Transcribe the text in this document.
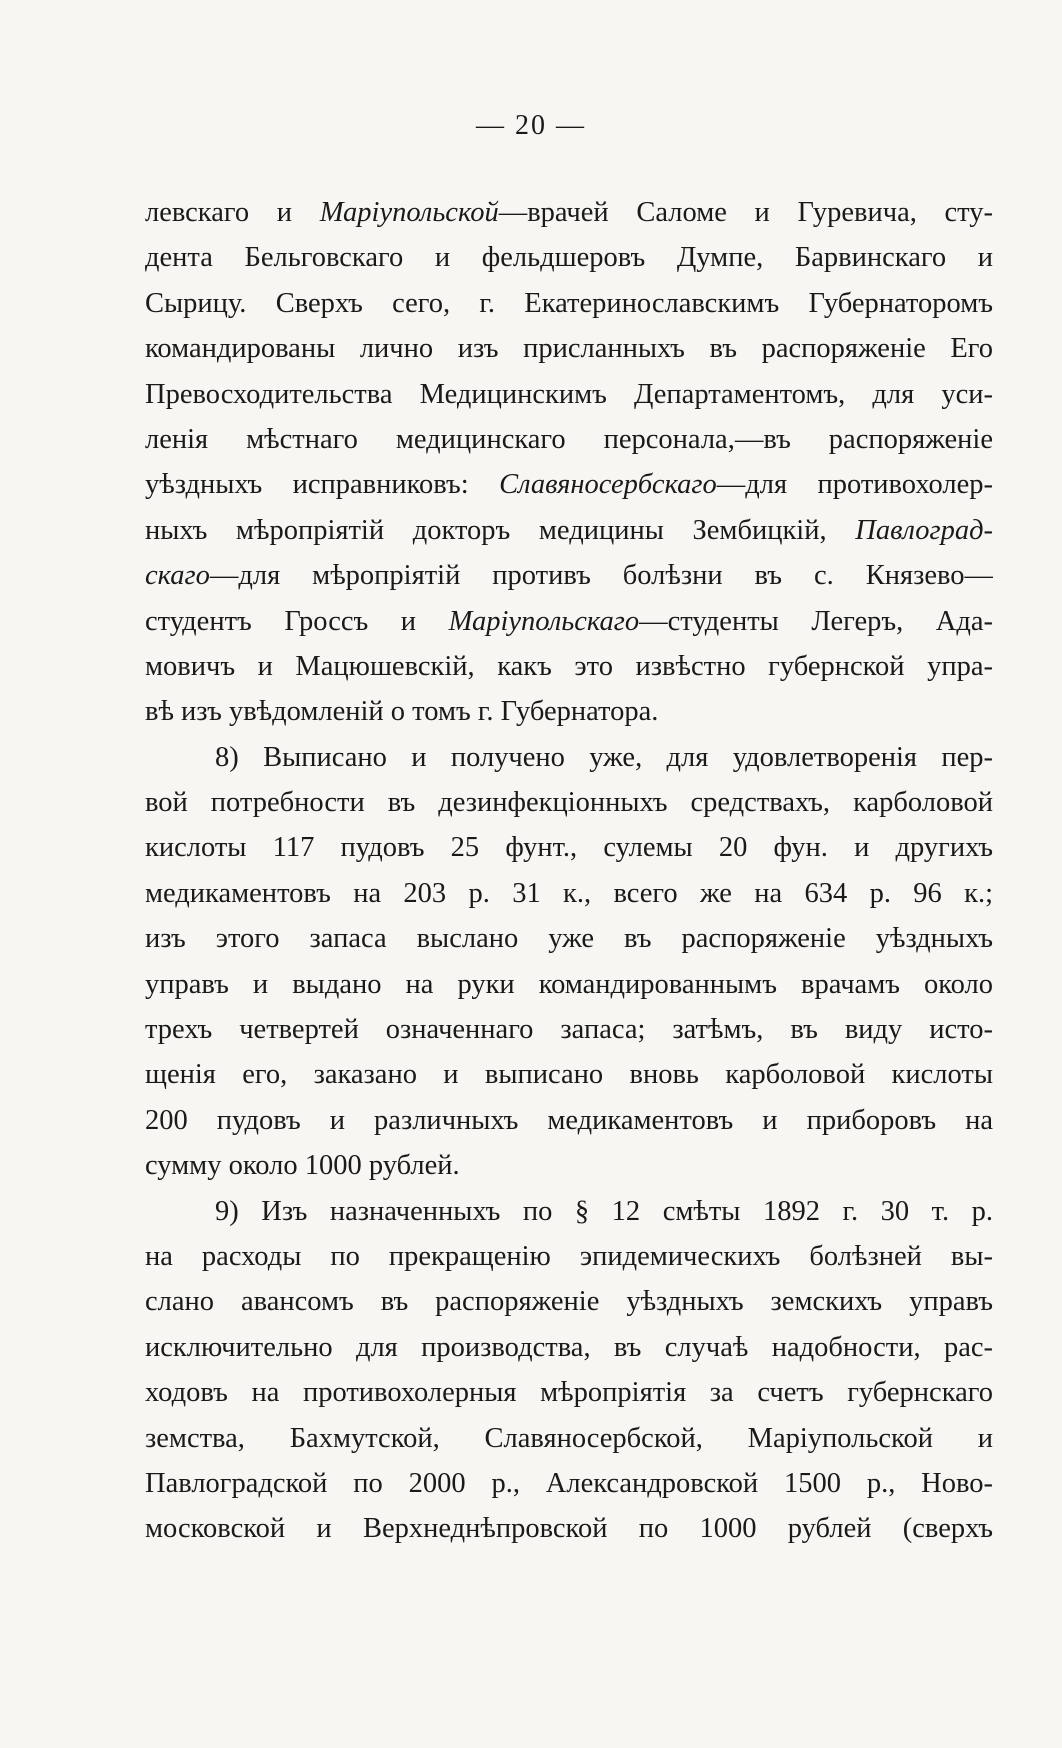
— 20 —
левскаго и Маріупольской—врачей Саломе и Гуревича, сту-
дента Бельговскаго и фельдшеровъ Думпе, Барвинскаго и
Сырицу. Сверхъ сего, г. Екатеринославскимъ Губернаторомъ
командированы лично изъ присланныхъ въ распоряженіе Его
Превосходительства Медицинскимъ Департаментомъ, для уси-
ленія мѣстнаго медицинскаго персонала,—въ распоряженіе
уѣздныхъ исправниковъ: Славяносербскаго—для противохолер-
ныхъ мѣропріятій докторъ медицины Зембицкій, Павлоград-
скаго—для мѣропріятій противъ болѣзни въ с. Князево—
студентъ Гроссъ и Маріупольскаго—студенты Легеръ, Ада-
мовичъ и Мацюшевскій, какъ это извѣстно губернской упра-
вѣ изъ увѣдомленій о томъ г. Губернатора.
8) Выписано и получено уже, для удовлетворенія пер-
вой потребности въ дезинфекціонныхъ средствахъ, карболовой
кислоты 117 пудовъ 25 фунт., сулемы 20 фун. и другихъ
медикаментовъ на 203 р. 31 к., всего же на 634 р. 96 к.;
изъ этого запаса выслано уже въ распоряженіе уѣздныхъ
управъ и выдано на руки командированнымъ врачамъ около
трехъ четвертей означеннаго запаса; затѣмъ, въ виду исто-
щенія его, заказано и выписано вновь карболовой кислоты
200 пудовъ и различныхъ медикаментовъ и приборовъ на
сумму около 1000 рублей.
9) Изъ назначенныхъ по § 12 смѣты 1892 г. 30 т. р.
на расходы по прекращенію эпидемическихъ болѣзней вы-
слано авансомъ въ распоряженіе уѣздныхъ земскихъ управъ
исключительно для производства, въ случаѣ надобности, рас-
ходовъ на противохолерныя мѣропріятія за счетъ губернскаго
земства, Бахмутской, Славяносербской, Маріупольской и
Павлоградской по 2000 р., Александровской 1500 р., Ново-
московской и Верхнеднѣпровской по 1000 рублей (сверхъ
